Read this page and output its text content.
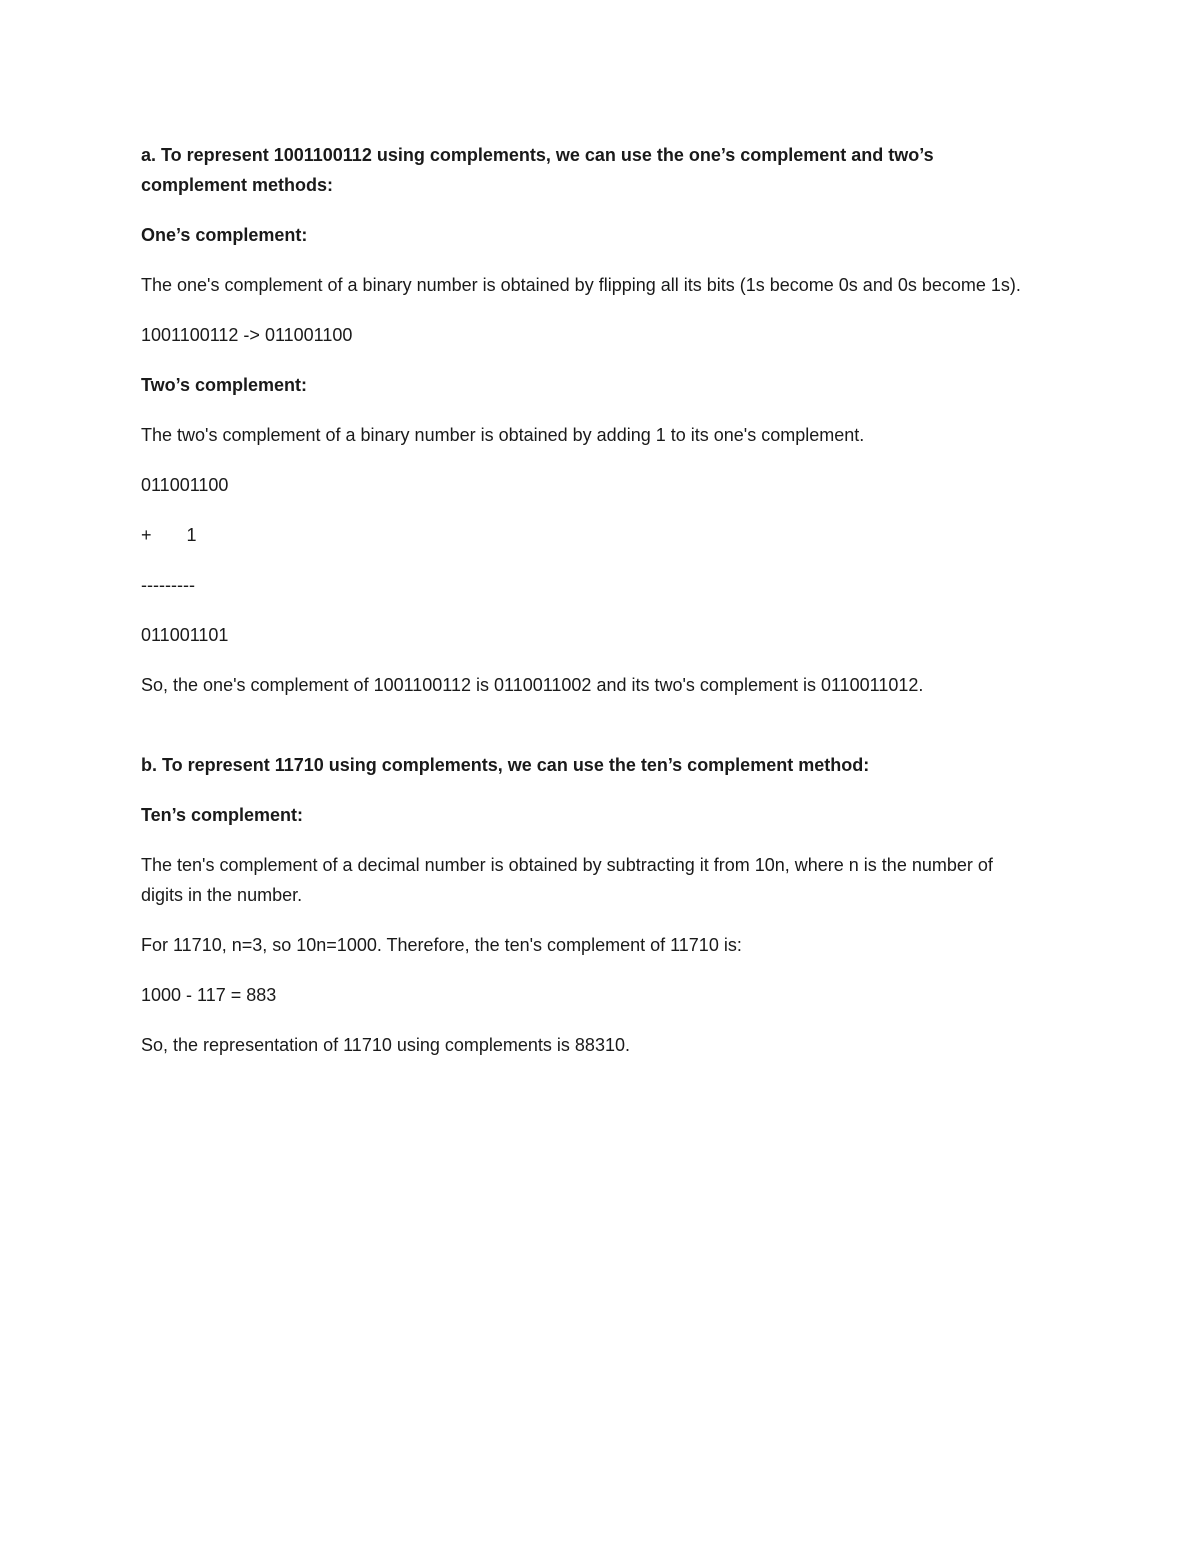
a. To represent 1001100112 using complements, we can use the one’s complement and two’s complement methods:

One’s complement:

The one's complement of a binary number is obtained by flipping all its bits (1s become 0s and 0s become 1s).

1001100112 -> 011001100

Two’s complement:

The two's complement of a binary number is obtained by adding 1 to its one's complement.

011001100

+       1

---------

011001101

So, the one's complement of 1001100112 is 0110011002 and its two's complement is 0110011012.

b. To represent 11710 using complements, we can use the ten’s complement method:

Ten’s complement:

The ten's complement of a decimal number is obtained by subtracting it from 10n, where n is the number of digits in the number.

For 11710, n=3, so 10n=1000. Therefore, the ten's complement of 11710 is:

1000 - 117 = 883

So, the representation of 11710 using complements is 88310.
